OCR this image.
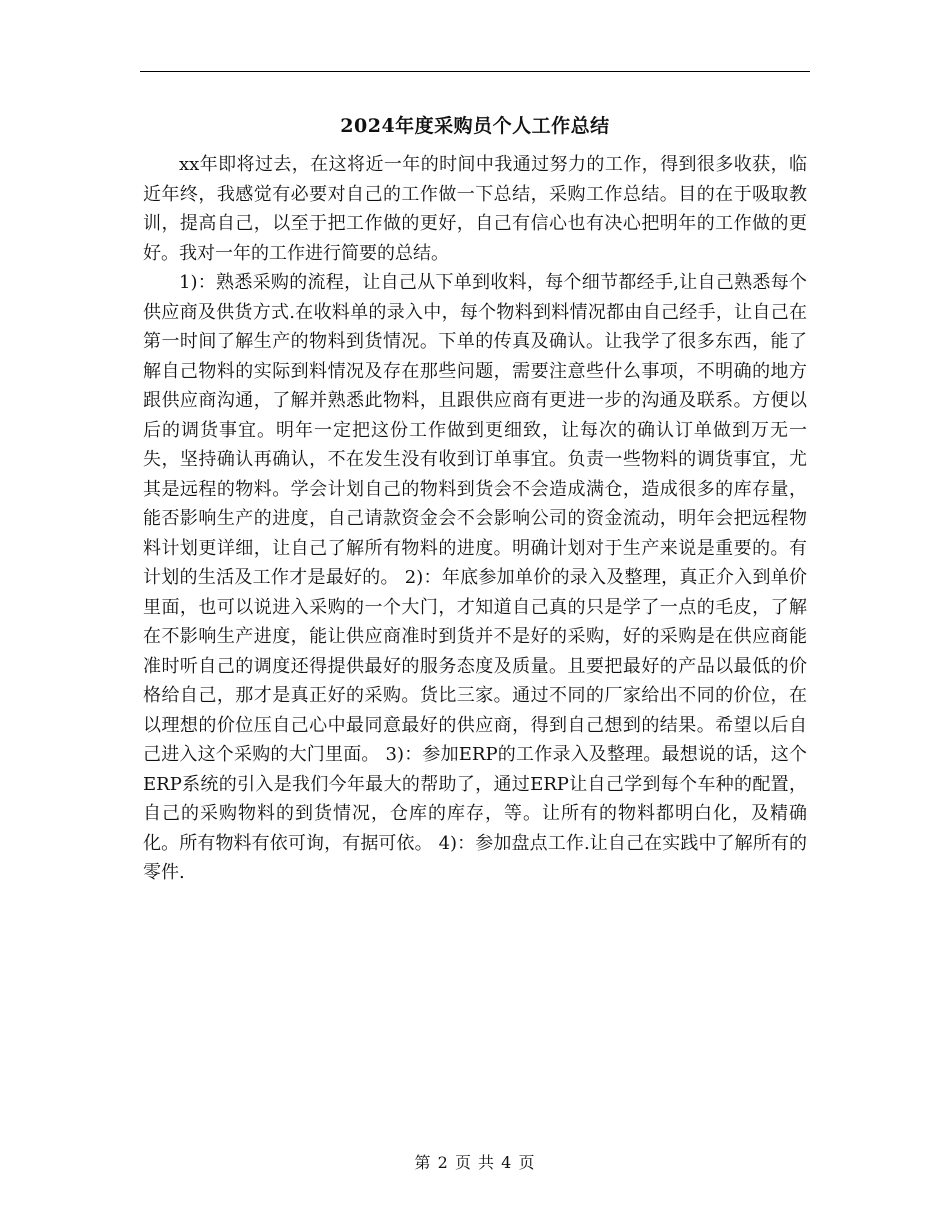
2024年度采购员个人工作总结

xx年即将过去，在这将近一年的时间中我通过努力的工作，得到很多收获，临近年终，我感觉有必要对自己的工作做一下总结，采购工作总结。目的在于吸取教训，提高自己，以至于把工作做的更好，自己有信心也有决心把明年的工作做的更好。我对一年的工作进行简要的总结。

1)：熟悉采购的流程，让自己从下单到收料，每个细节都经手,让自己熟悉每个供应商及供货方式.在收料单的录入中，每个物料到料情况都由自己经手，让自己在第一时间了解生产的物料到货情况。下单的传真及确认。让我学了很多东西，能了解自己物料的实际到料情况及存在那些问题，需要注意些什么事项，不明确的地方跟供应商沟通，了解并熟悉此物料，且跟供应商有更进一步的沟通及联系。方便以后的调货事宜。明年一定把这份工作做到更细致，让每次的确认订单做到万无一失，坚持确认再确认，不在发生没有收到订单事宜。负责一些物料的调货事宜，尤其是远程的物料。学会计划自己的物料到货会不会造成满仓，造成很多的库存量，能否影响生产的进度，自己请款资金会不会影响公司的资金流动，明年会把远程物料计划更详细，让自己了解所有物料的进度。明确计划对于生产来说是重要的。有计划的生活及工作才是最好的。 2)：年底参加单价的录入及整理，真正介入到单价里面，也可以说进入采购的一个大门，才知道自己真的只是学了一点的毛皮，了解在不影响生产进度，能让供应商准时到货并不是好的采购，好的采购是在供应商能准时听自己的调度还得提供最好的服务态度及质量。且要把最好的产品以最低的价格给自己，那才是真正好的采购。货比三家。通过不同的厂家给出不同的价位，在以理想的价位压自己心中最同意最好的供应商，得到自己想到的结果。希望以后自己进入这个采购的大门里面。 3)：参加ERP的工作录入及整理。最想说的话，这个ERP系统的引入是我们今年最大的帮助了，通过ERP让自己学到每个车种的配置，自己的采购物料的到货情况，仓库的库存，等。让所有的物料都明白化，及精确化。所有物料有依可询，有据可依。 4)：参加盘点工作.让自己在实践中了解所有的零件.

第 2 页 共 4 页
